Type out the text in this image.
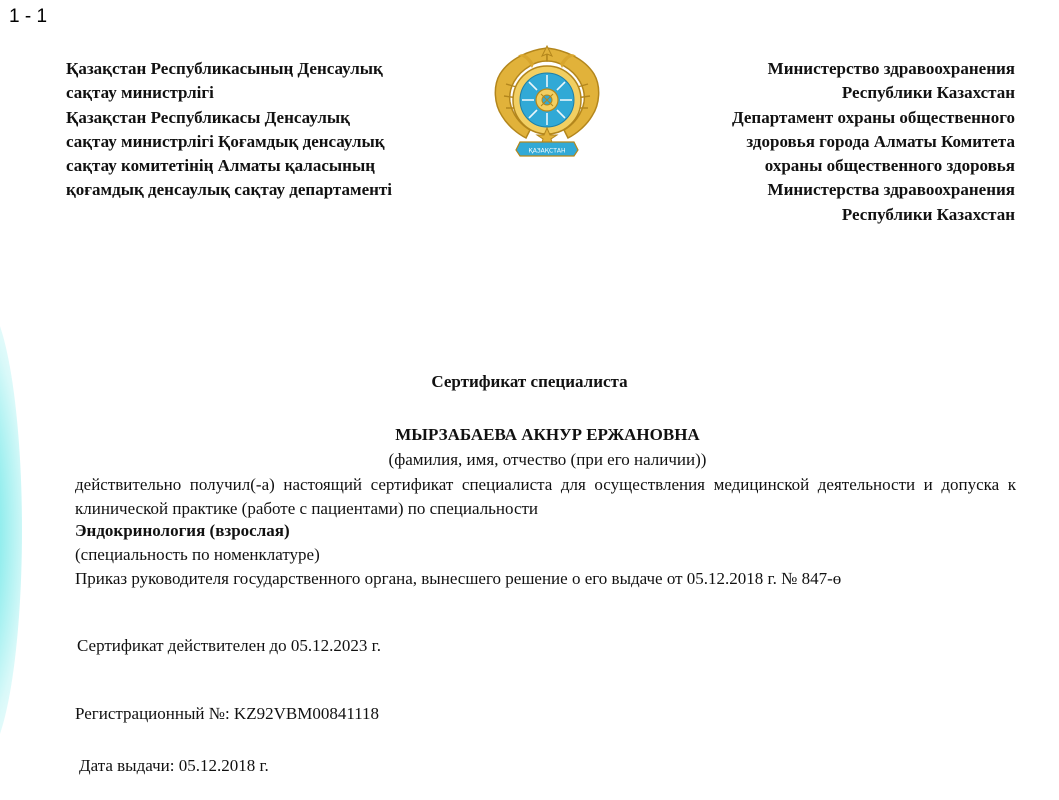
1 - 1
Қазақстан Республикасының Денсаулық
сақтау министрлігі
Қазақстан Республикасы Денсаулық
сақтау министрлігі Қоғамдық денсаулық
сақтау комитетінің Алматы қаласының
қоғамдық денсаулық сақтау департаменті
ҚАЗАҚСТАН
Министерство здравоохранения
Республики Казахстан
Департамент охраны общественного
здоровья города Алматы Комитета
охраны общественного здоровья
Министерства здравоохранения
Республики Казахстан
Сертификат специалиста
МЫРЗАБАЕВА АКНУР ЕРЖАНОВНА
(фамилия, имя, отчество (при его наличии))
действительно получил(-а) настоящий сертификат специалиста для осуществления медицинской деятельности и допуска к клинической практике (работе с пациентами) по специальности
Эндокринология (взрослая)
(специальность по номенклатуре)
Приказ руководителя государственного органа, вынесшего решение о его выдаче от 05.12.2018 г. № 847-ө
Сертификат действителен до 05.12.2023 г.
Регистрационный №: KZ92VBM00841118
Дата выдачи: 05.12.2018 г.
